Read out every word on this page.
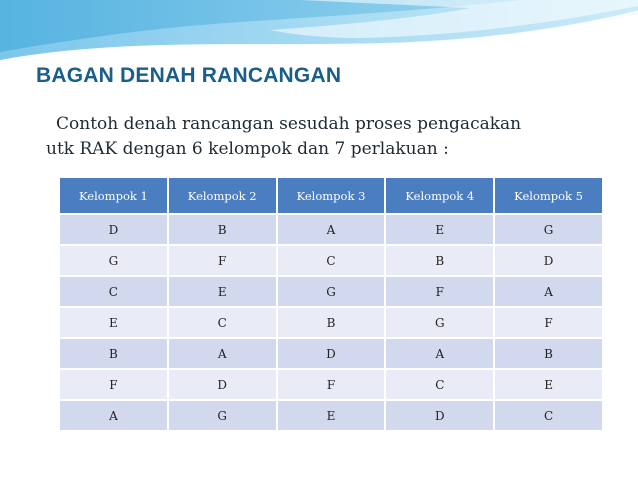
BAGAN DENAH RANCANGAN
Contoh denah rancangan sesudah proses pengacakan
utk RAK dengan 6 kelompok dan 7 perlakuan :
Kelompok 1	Kelompok 2	Kelompok 3	Kelompok 4	Kelompok 5
D	B	A	E	G
G	F	C	B	D
C	E	G	F	A
E	C	B	G	F
B	A	D	A	B
F	D	F	C	E
A	G	E	D	C
